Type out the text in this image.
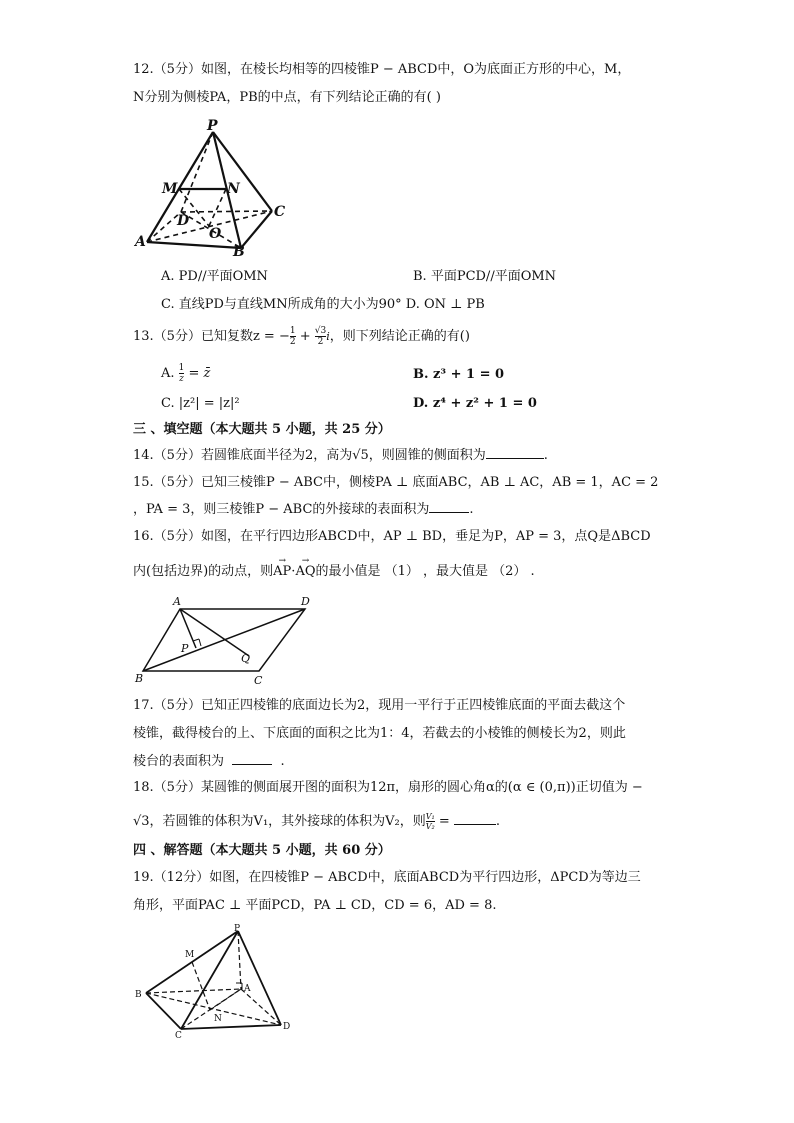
12.（5分）如图，在棱长均相等的四棱锥P − ABCD中，O为底面正方形的中心，M，
N分别为侧棱PA，PB的中点，有下列结论正确的有( )
P
M	N
D
C
O
A
B
A. PD//平面OMN	B. 平面PCD//平面OMN
C. 直线PD与直线MN所成角的大小为90° D. ON ⊥ PB
13.（5分）已知复数z = − $\frac{1}{2} + \frac{√3}{2}$ i，则下列结论正确的有()
A. $\frac{1}{z}$ = z̄	B. z³ + 1 = 0
C. |z²| = |z|²	D. z⁴ + z² + 1 = 0
三 、填空题（本大题共 5 小题，共 25 分）
14.（5分）若圆锥底面半径为2，高为√5，则圆锥的侧面积为	.
15.（5分）已知三棱锥P − ABC中，侧棱PA ⊥ 底面ABC，AB ⊥ AC，AB = 1，AC = 2
，PA = 3，则三棱锥P − ABC的外接球的表面积为	.
16.（5分）如图，在平行四边形ABCD中，AP ⊥ BD，垂足为P，AP = 3，点Q是ΔBCD
内(包括边界)的动点，则
→
AP·
→
AQ的最小值是 （1） ，最大值是 （2） .
A	D
P
Q
B	C
17.（5分）已知正四棱锥的底面边长为2，现用一平行于正四棱锥底面的平面去截这个
棱锥，截得棱台的上、下底面的面积之比为1：4，若截去的小棱锥的侧棱长为2，则此
棱台的表面积为	.
18.（5分）某圆锥的侧面展开图的面积为12π，扇形的圆心角α的(α ∈ (0,π))正切值为 −
√3，若圆锥的体积为V₁，其外接球的体积为V₂，则 $\frac{\text{V₁}}{\text{V₂}}$ =	.
四 、解答题（本大题共 5 小题，共 60 分）
19.（12分）如图，在四棱锥P − ABCD中，底面ABCD为平行四边形，ΔPCD为等边三
角形，平面PAC ⊥ 平面PCD，PA ⊥ CD，CD = 6，AD = 8.
P
M
B
A
N
C
D
